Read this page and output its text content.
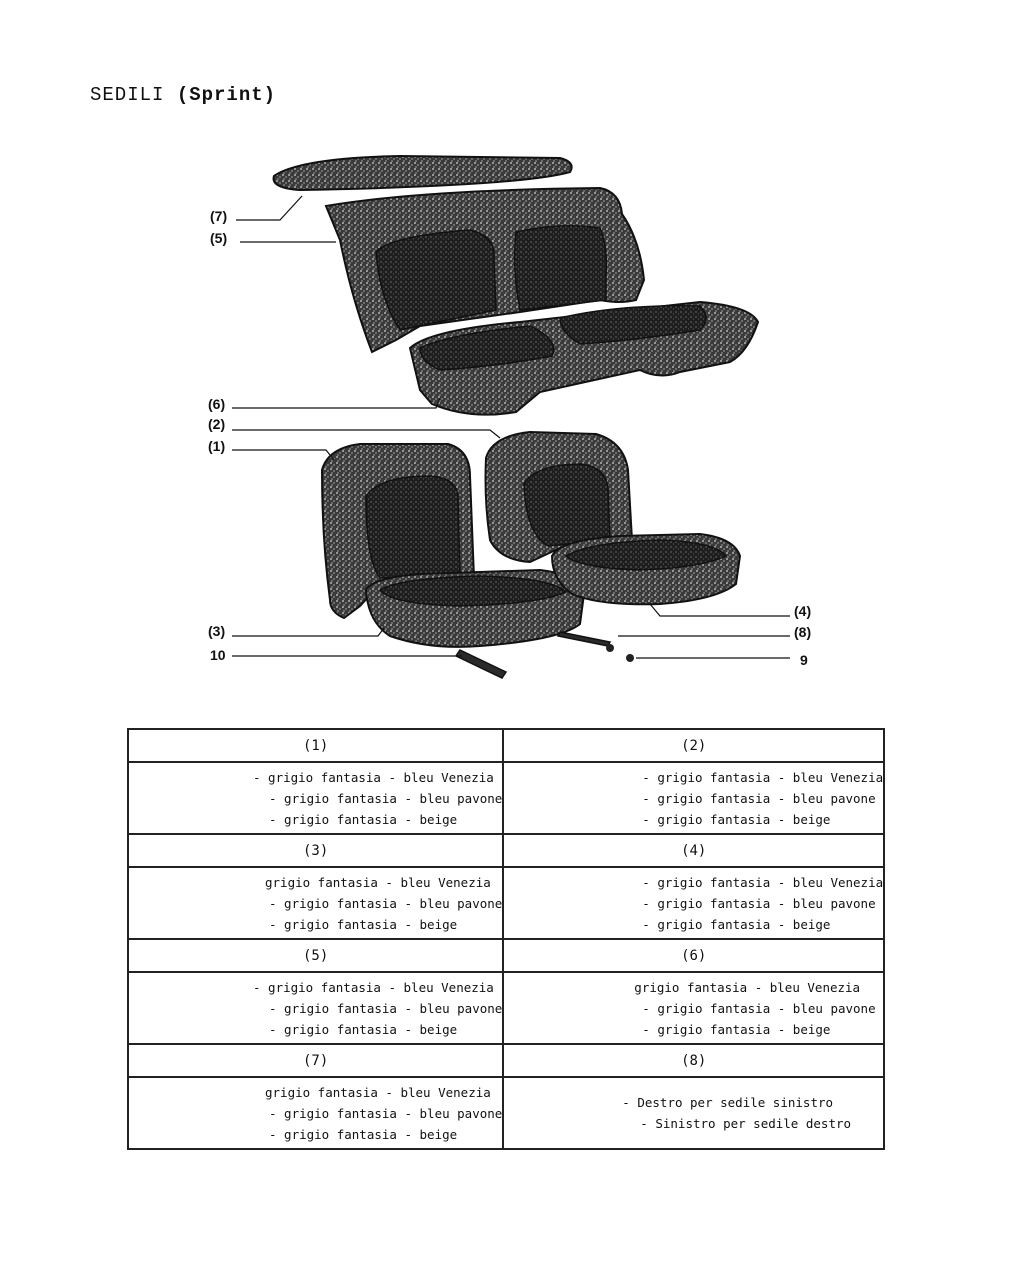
SEDILI (Sprint)
(7)
(5)
(6)
(2)
(1)
(3)
10
(4)
(8)
9
(1)	(2)

- grigio fantasia - bleu Venezia
- grigio fantasia - bleu pavone
- grigio fantasia - beige	- grigio fantasia - bleu Venezia
- grigio fantasia - bleu pavone
- grigio fantasia - beige

(3)	(4)

grigio fantasia - bleu Venezia
- grigio fantasia - bleu pavone
- grigio fantasia - beige	- grigio fantasia - bleu Venezia
- grigio fantasia - bleu pavone
- grigio fantasia - beige

(5)	(6)

- grigio fantasia - bleu Venezia
- grigio fantasia - bleu pavone
- grigio fantasia - beige	grigio fantasia - bleu Venezia
- grigio fantasia - bleu pavone
- grigio fantasia - beige

(7)	(8)

grigio fantasia - bleu Venezia
- grigio fantasia - bleu pavone
- grigio fantasia - beige	- Destro per sedile sinistro
- Sinistro per sedile destro
